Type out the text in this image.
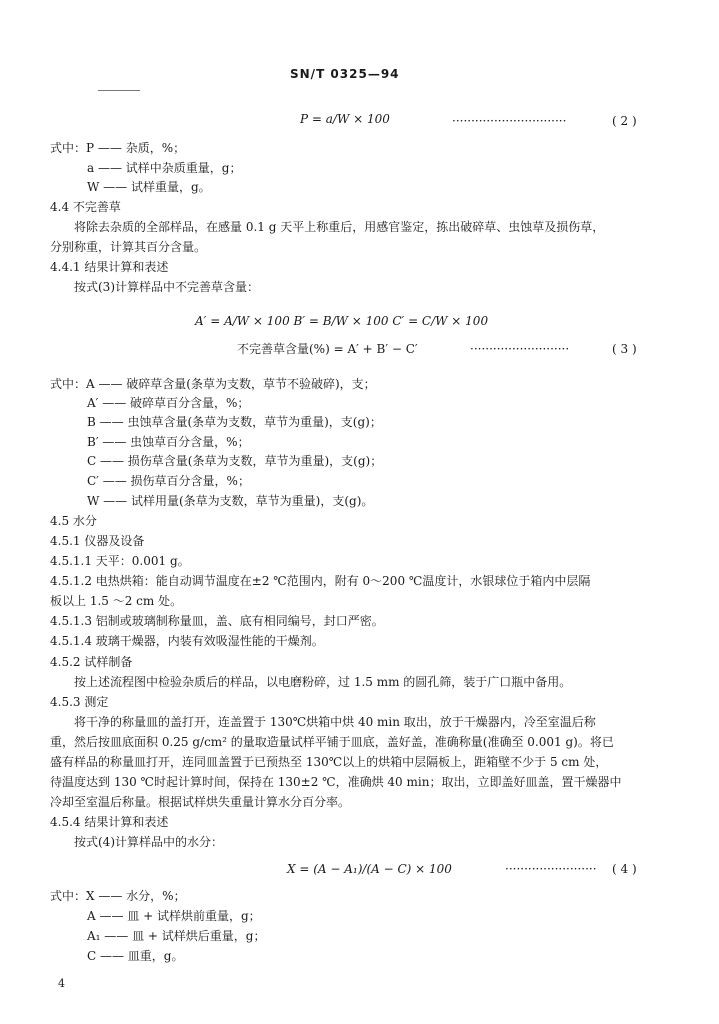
SN/T 0325—94
P = a/W × 100	······························	( 2 )
式中：P —— 杂质，%；
a —— 试样中杂质重量，g；
W —— 试样重量，g。
4.4 不完善草
将除去杂质的全部样品，在感量 0.1 g 天平上称重后，用感官鉴定，拣出破碎草、虫蚀草及损伤草，
分别称重，计算其百分含量。
4.4.1 结果计算和表述
按式(3)计算样品中不完善草含量：
A′ = A/W × 100 B′ = B/W × 100 C′ = C/W × 100
不完善草含量(%) = A′ + B′ − C′	··························	( 3 )
式中：A —— 破碎草含量(条草为支数，草节不验破碎)，支；
A′ —— 破碎草百分含量，%；
B —— 虫蚀草含量(条草为支数，草节为重量)，支(g)；
B′ —— 虫蚀草百分含量，%；
C —— 损伤草含量(条草为支数，草节为重量)，支(g)；
C′ —— 损伤草百分含量，%；
W —— 试样用量(条草为支数，草节为重量)，支(g)。
4.5 水分
4.5.1 仪器及设备
4.5.1.1 天平：0.001 g。
4.5.1.2 电热烘箱：能自动调节温度在±2 ℃范围内，附有 0～200 ℃温度计，水银球位于箱内中层隔
板以上 1.5 ～2 cm 处。
4.5.1.3 铝制或玻璃制称量皿，盖、底有相同编号，封口严密。
4.5.1.4 玻璃干燥器，内装有效吸湿性能的干燥剂。
4.5.2 试样制备
按上述流程图中检验杂质后的样品，以电磨粉碎，过 1.5 mm 的圆孔筛，装于广口瓶中备用。
4.5.3 测定
将干净的称量皿的盖打开，连盖置于 130℃烘箱中烘 40 min 取出，放于干燥器内，冷至室温后称
重，然后按皿底面积 0.25 g/cm² 的量取造量试样平铺于皿底，盖好盖，准确称量(准确至 0.001 g)。将已
盛有样品的称量皿打开，连同皿盖置于已预热至 130℃以上的烘箱中层隔板上，距箱壁不少于 5 cm 处，
待温度达到 130 ℃时起计算时间，保持在 130±2 ℃，准确烘 40 min；取出，立即盖好皿盖，置干燥器中
冷却至室温后称量。根据试样烘失重量计算水分百分率。
4.5.4 结果计算和表述
按式(4)计算样品中的水分：
X = (A − A₁)/(A − C) × 100	························ ( 4 )
式中：X —— 水分，%；
A —— 皿 + 试样烘前重量，g；
A₁ —— 皿 + 试样烘后重量，g；
C —— 皿重，g。
4
